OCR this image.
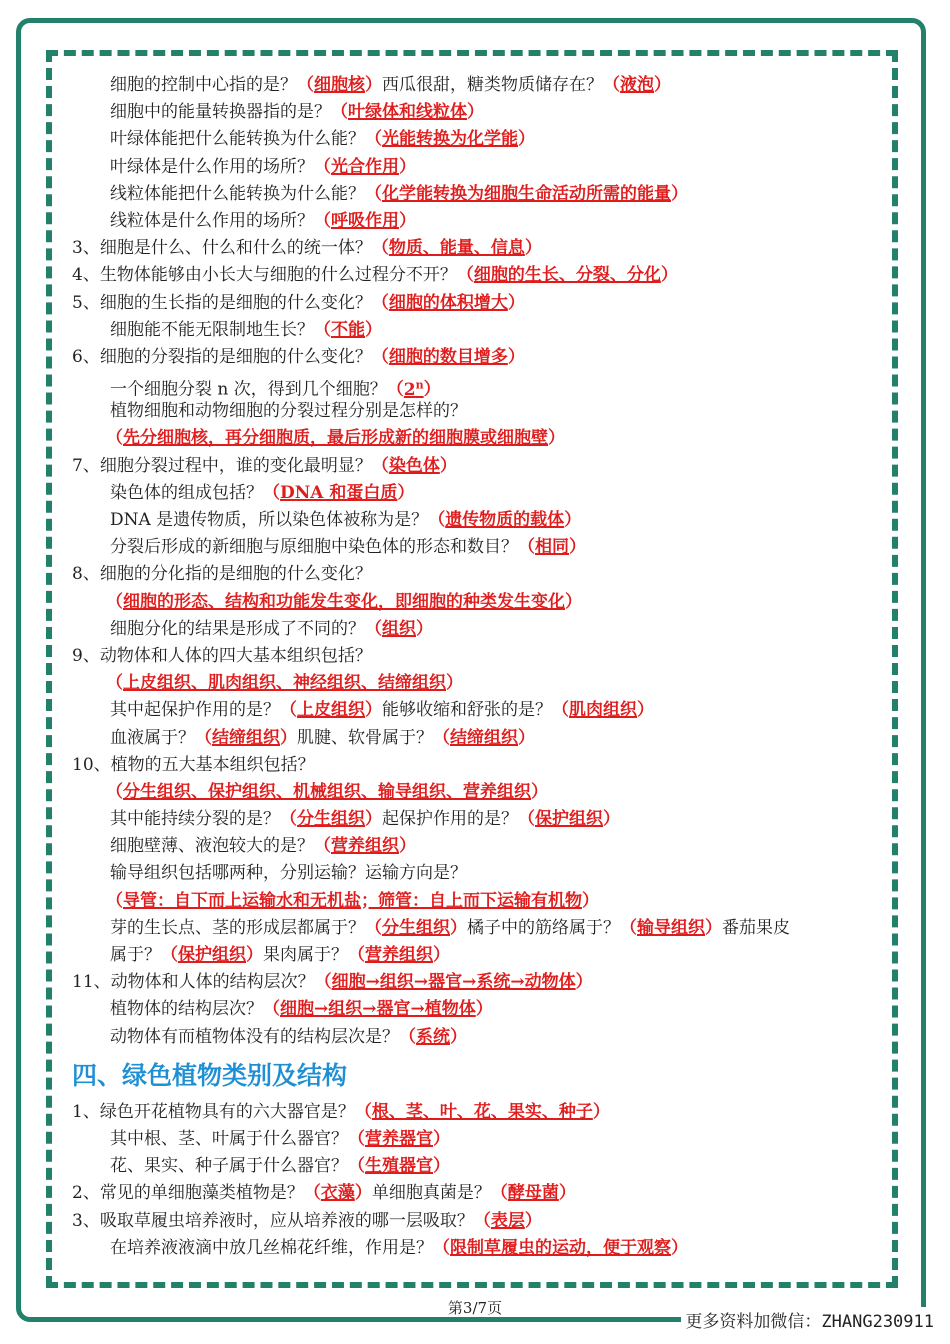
细胞的控制中心指的是？（细胞核）西瓜很甜，糖类物质储存在？（液泡）
细胞中的能量转换器指的是？（叶绿体和线粒体）
叶绿体能把什么能转换为什么能？（光能转换为化学能）
叶绿体是什么作用的场所？（光合作用）
线粒体能把什么能转换为什么能？（化学能转换为细胞生命活动所需的能量）
线粒体是什么作用的场所？（呼吸作用）
3、细胞是什么、什么和什么的统一体？（物质、能量、信息）
4、生物体能够由小长大与细胞的什么过程分不开？（细胞的生长、分裂、分化）
5、细胞的生长指的是细胞的什么变化？（细胞的体积增大）
细胞能不能无限制地生长？（不能）
6、细胞的分裂指的是细胞的什么变化？（细胞的数目增多）
一个细胞分裂 n 次，得到几个细胞？（2$^n$）
植物细胞和动物细胞的分裂过程分别是怎样的？
（先分细胞核，再分细胞质，最后形成新的细胞膜或细胞壁）
7、细胞分裂过程中，谁的变化最明显？（染色体）
染色体的组成包括？（DNA 和蛋白质）
DNA 是遗传物质，所以染色体被称为是？（遗传物质的载体）
分裂后形成的新细胞与原细胞中染色体的形态和数目？（相同）
8、细胞的分化指的是细胞的什么变化？
（细胞的形态、结构和功能发生变化，即细胞的种类发生变化）
细胞分化的结果是形成了不同的？（组织）
9、动物体和人体的四大基本组织包括？
（上皮组织、肌肉组织、神经组织、结缔组织）
其中起保护作用的是？（上皮组织）能够收缩和舒张的是？（肌肉组织）
血液属于？（结缔组织）肌腱、软骨属于？（结缔组织）
10、植物的五大基本组织包括？
（分生组织、保护组织、机械组织、输导组织、营养组织）
其中能持续分裂的是？（分生组织）起保护作用的是？（保护组织）
细胞壁薄、液泡较大的是？（营养组织）
输导组织包括哪两种，分别运输？运输方向是？
（导管：自下而上运输水和无机盐；筛管：自上而下运输有机物）
芽的生长点、茎的形成层都属于？（分生组织）橘子中的筋络属于？（输导组织）番茄果皮
属于？（保护组织）果肉属于？（营养组织）
11、动物体和人体的结构层次？（细胞→组织→器官→系统→动物体）
植物体的结构层次？（细胞→组织→器官→植物体）
动物体有而植物体没有的结构层次是？（系统）
四、绿色植物类别及结构
1、绿色开花植物具有的六大器官是？（根、茎、叶、花、果实、种子）
其中根、茎、叶属于什么器官？（营养器官）
花、果实、种子属于什么器官？（生殖器官）
2、常见的单细胞藻类植物是？（衣藻）单细胞真菌是？（酵母菌）
3、吸取草履虫培养液时，应从培养液的哪一层吸取？（表层）
在培养液液滴中放几丝棉花纤维，作用是？（限制草履虫的运动，便于观察）
第3/7页
更多资料加微信：ZHANG230911
